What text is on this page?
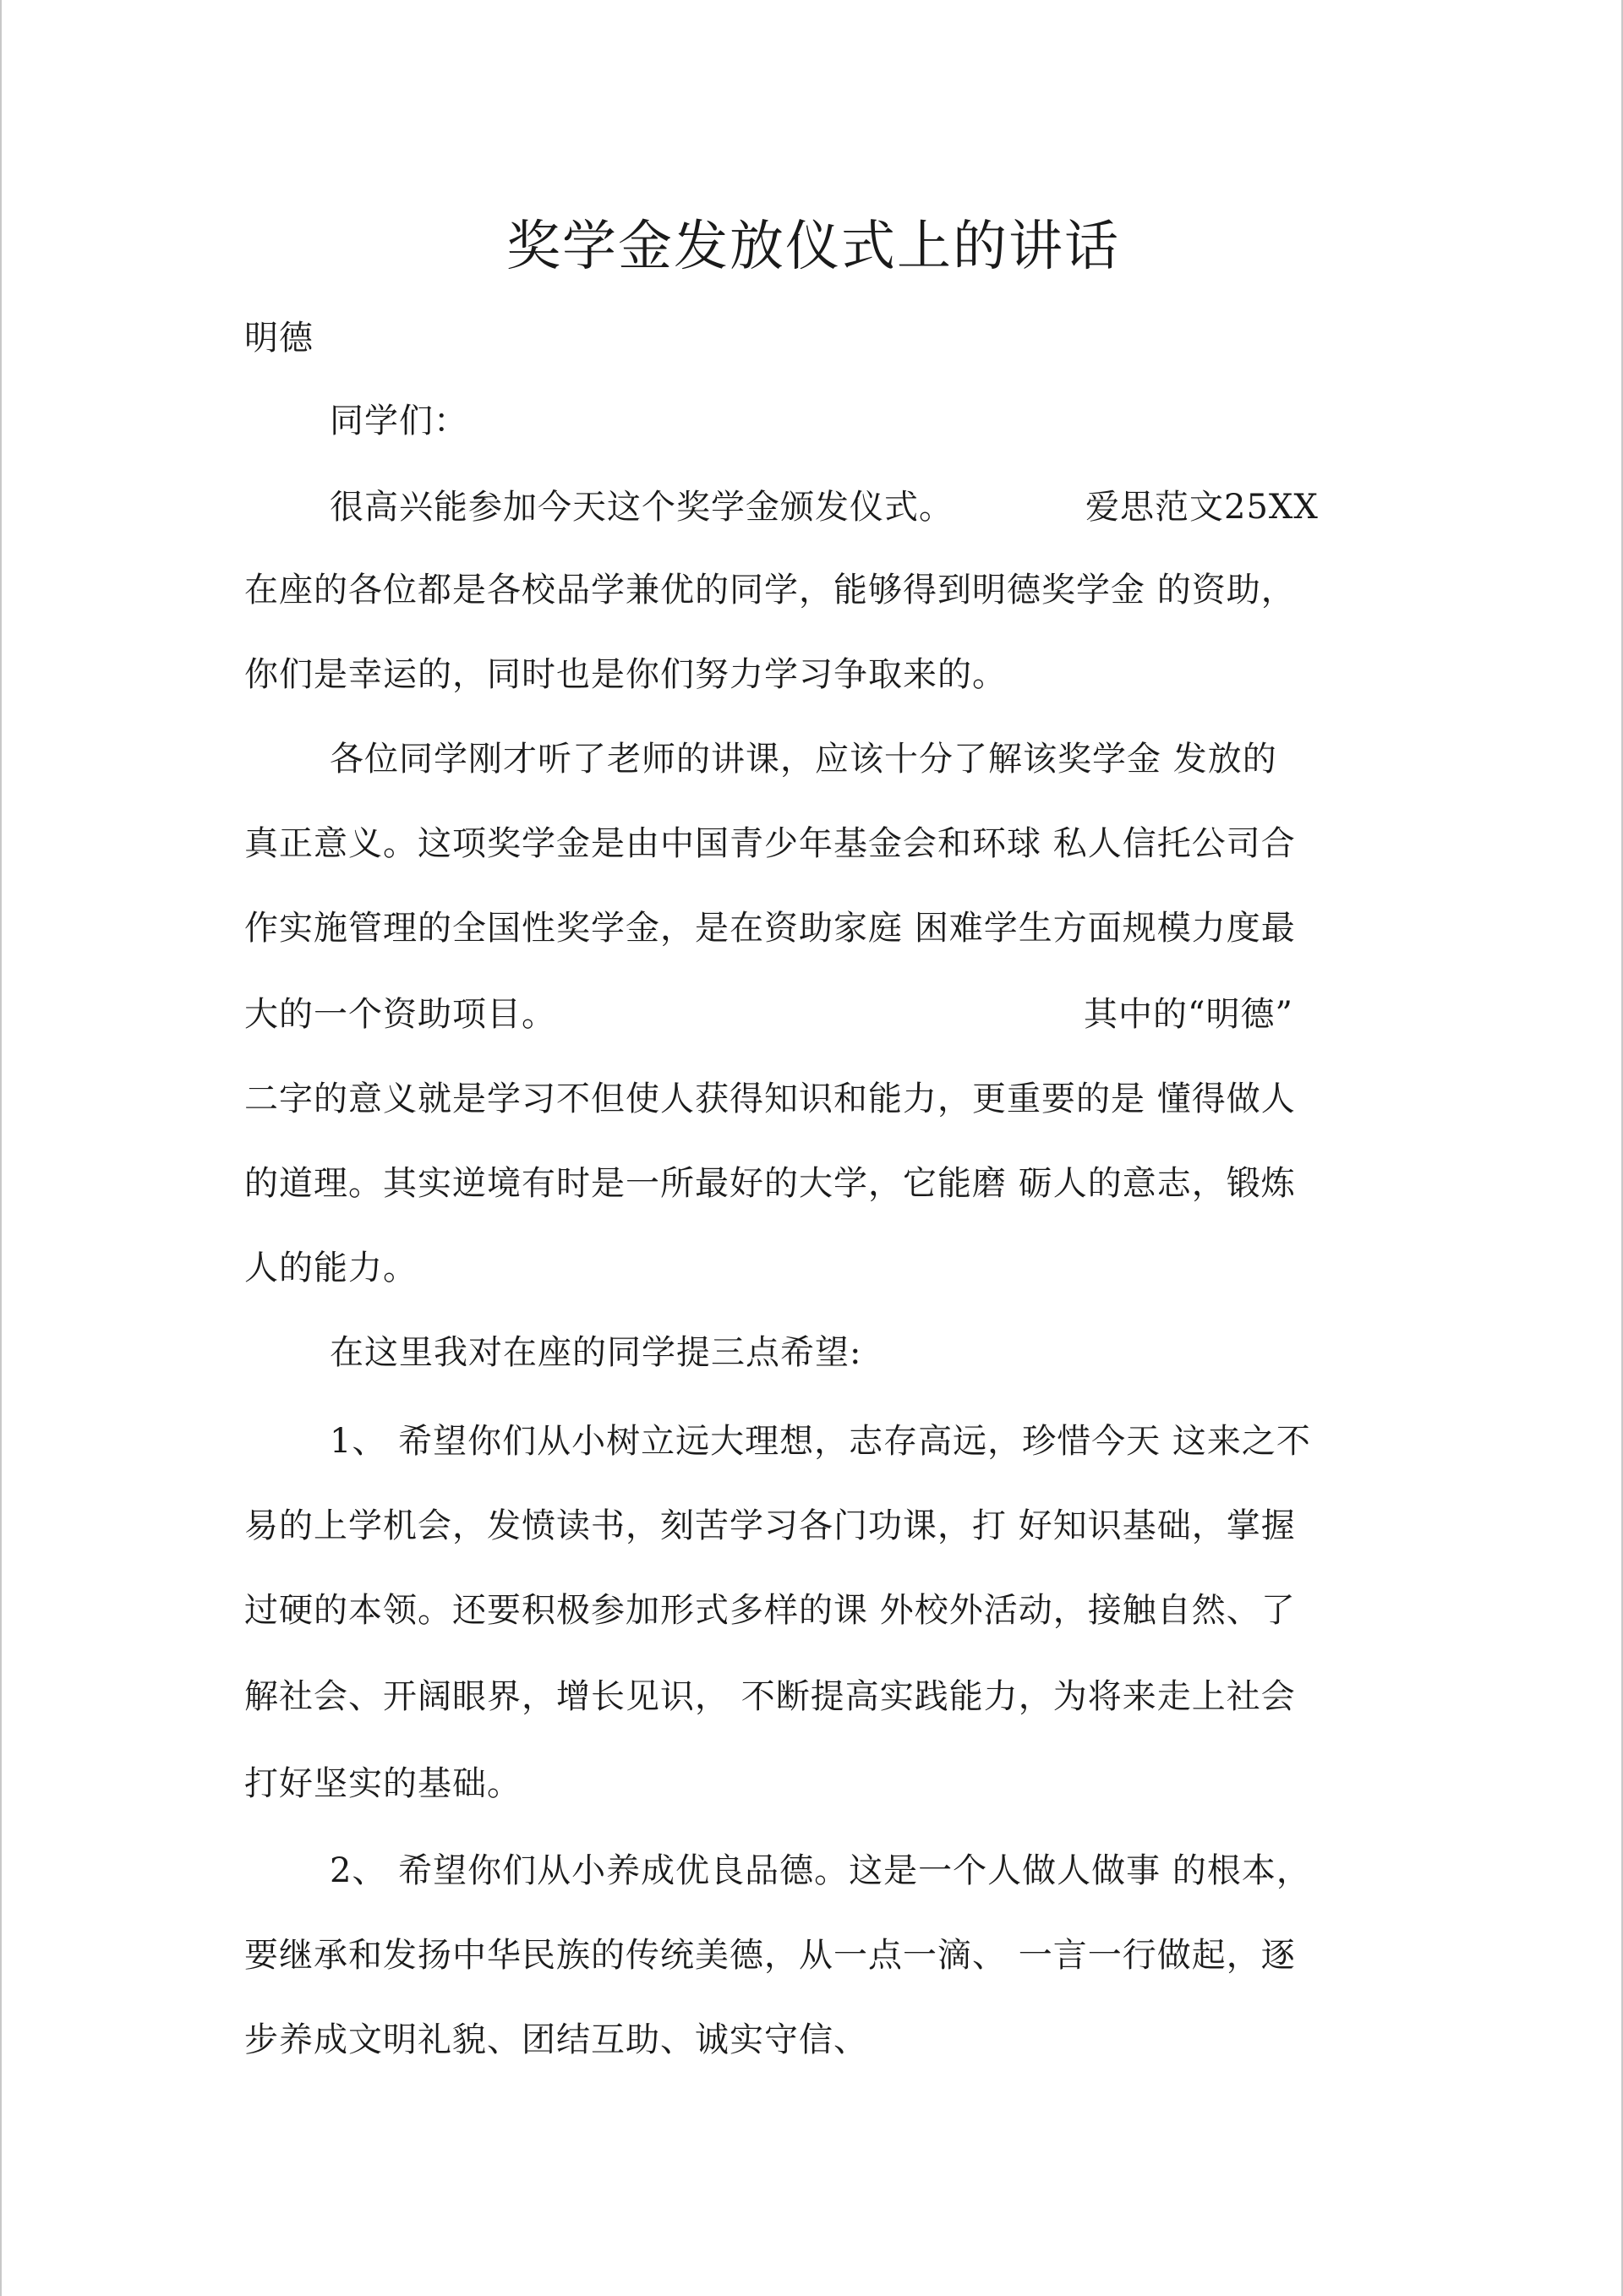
奖学金发放仪式上的讲话
明德
同学们：
很高兴能参加今天这个奖学金颁发仪式。	爱思范文25XX
在座的各位都是各校品学兼优的同学，能够得到明德奖学金 的资助，
你们是幸运的，同时也是你们努力学习争取来的。
各位同学刚才听了老师的讲课，应该十分了解该奖学金 发放的
真正意义。这项奖学金是由中国青少年基金会和环球 私人信托公司合
作实施管理的全国性奖学金，是在资助家庭 困难学生方面规模力度最
大的一个资助项目。	其中的“明德”
二字的意义就是学习不但使人获得知识和能力，更重要的是 懂得做人
的道理。其实逆境有时是一所最好的大学，它能磨 砺人的意志，锻炼
人的能力。
在这里我对在座的同学提三点希望:
1、 希望你们从小树立远大理想，志存高远，珍惜今天 这来之不
易的上学机会，发愤读书，刻苦学习各门功课，打 好知识基础，掌握
过硬的本领。还要积极参加形式多样的课 外校外活动，接触自然、了
解社会、开阔眼界，增长见识， 不断提高实践能力，为将来走上社会
打好坚实的基础。
2、 希望你们从小养成优良品德。这是一个人做人做事 的根本，
要继承和发扬中华民族的传统美德，从一点一滴、 一言一行做起，逐
步养成文明礼貌、团结互助、诚实守信、
